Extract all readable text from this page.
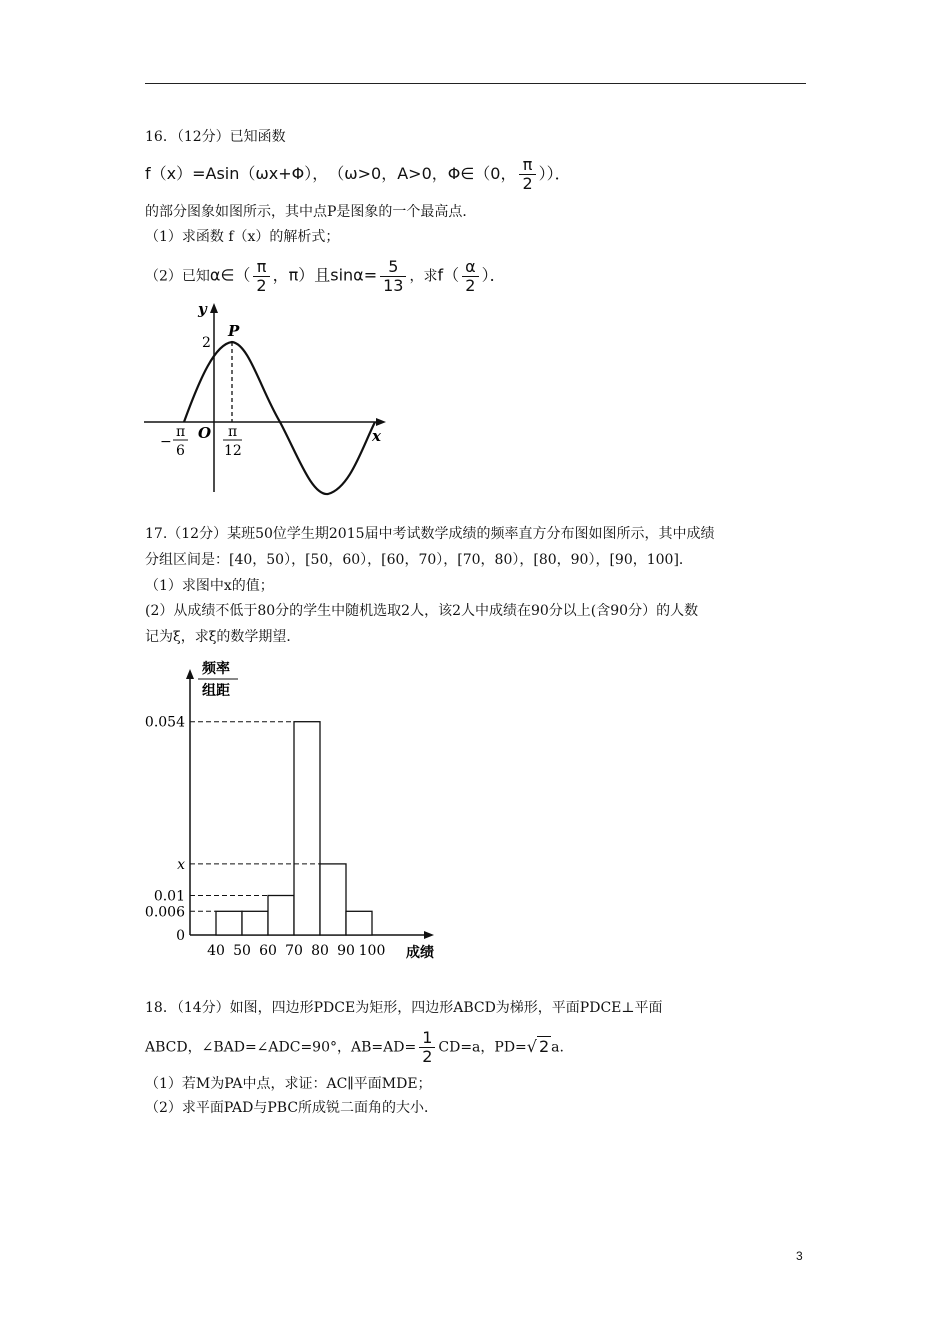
16．（12分）已知函数
f（x）=Asin（ωx+Φ），　（ω>0，A>0，Φ∈（0， $\frac{\pi}{2}$ ））．
的部分图象如图所示，其中点P是图象的一个最高点．
（1）求函数 f（x）的解析式；
（2）已知α∈（ $\frac{\pi}{2}$ ，π）且$\sin\alpha= \frac{5}{13}$ ，求$f( \frac{\alpha}{2}$ ）．
y
x
P
2
O
−
π
6
π
12
17.（12分）某班50位学生期2015届中考试数学成绩的频率直方分布图如图所示，其中成绩
分组区间是：[40，50），[50，60），[60，70），[70，80），[80，90），[90，100]．
（1）求图中x的值；
(2）从成绩不低于80分的学生中随机选取2人，该2人中成绩在90分以上(含90分）的人数
记为ξ，求ξ的数学期望．
0
0.006
0.01
x
0.054
40 50 60 70 80 90 100
频率
组距
成绩
18．（14分）如图，四边形PDCE为矩形，四边形ABCD为梯形，平面PDCE⊥平面
ABCD，∠BAD=∠ADC=90°，$AB=AD= \frac{1}{2} CD=a$，PD=√ 2 a.
（1）若M为PA中点，求证：AC∥平面MDE；
（2）求平面PAD与PBC所成锐二面角的大小．
3
